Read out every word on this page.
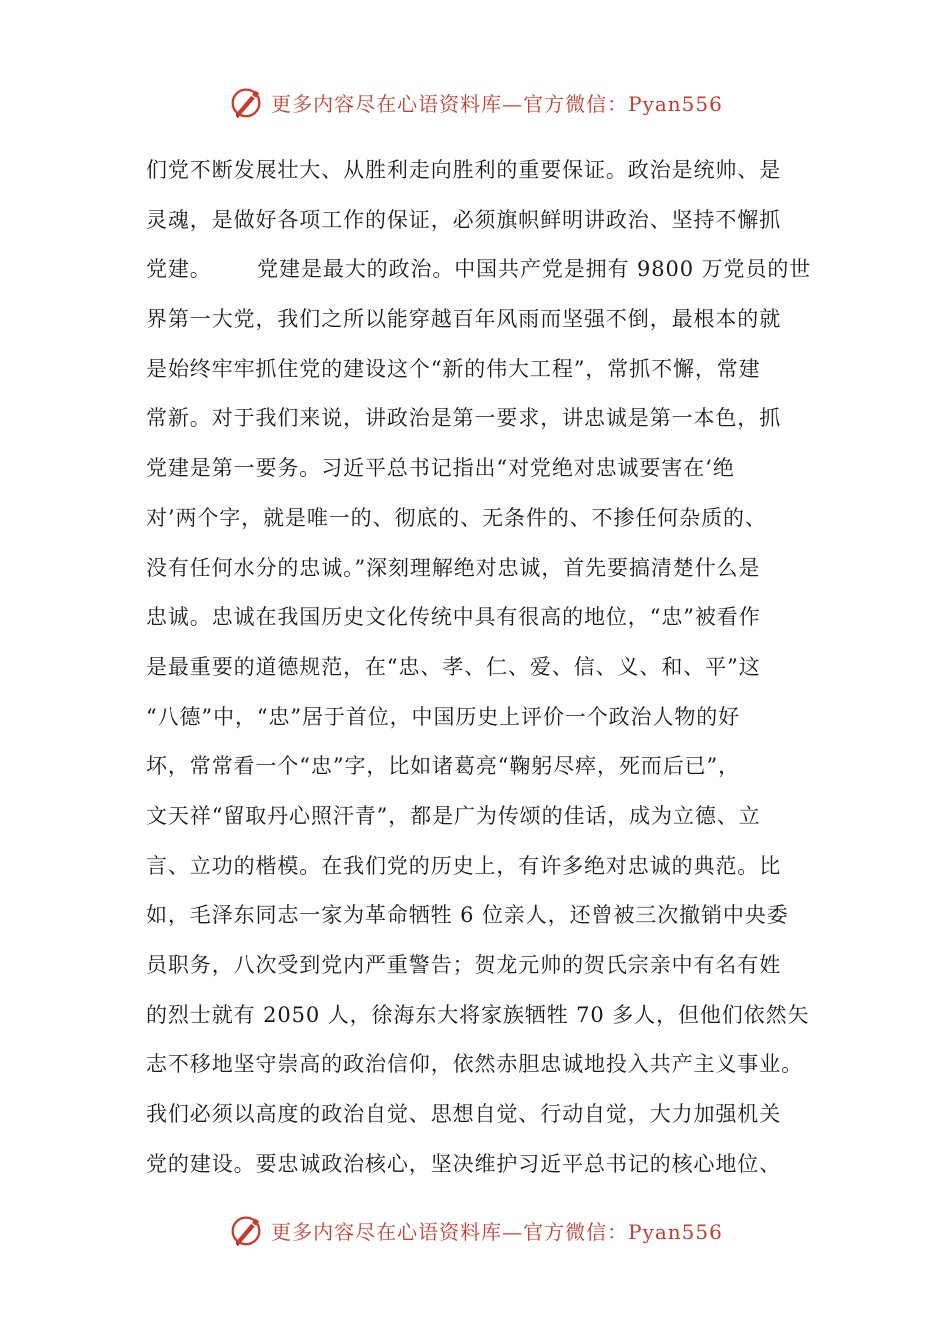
更多内容尽在心语资料库—官方微信：Pyan556
们党不断发展壮大、从胜利走向胜利的重要保证。政治是统帅、是
灵魂，是做好各项工作的保证，必须旗帜鲜明讲政治、坚持不懈抓
党建。      党建是最大的政治。中国共产党是拥有 9800 万党员的世
界第一大党，我们之所以能穿越百年风雨而坚强不倒，最根本的就
是始终牢牢抓住党的建设这个“新的伟大工程”，常抓不懈，常建
常新。对于我们来说，讲政治是第一要求，讲忠诚是第一本色，抓
党建是第一要务。习近平总书记指出“对党绝对忠诚要害在‘绝
对’两个字，就是唯一的、彻底的、无条件的、不掺任何杂质的、
没有任何水分的忠诚。”深刻理解绝对忠诚，首先要搞清楚什么是
忠诚。忠诚在我国历史文化传统中具有很高的地位，“忠”被看作
是最重要的道德规范，在“忠、孝、仁、爱、信、义、和、平”这
“八德”中，“忠”居于首位，中国历史上评价一个政治人物的好
坏，常常看一个“忠”字，比如诸葛亮“鞠躬尽瘁，死而后已”，
文天祥“留取丹心照汗青”，都是广为传颂的佳话，成为立德、立
言、立功的楷模。在我们党的历史上，有许多绝对忠诚的典范。比
如，毛泽东同志一家为革命牺牲 6 位亲人，还曾被三次撤销中央委
员职务，八次受到党内严重警告；贺龙元帅的贺氏宗亲中有名有姓
的烈士就有 2050 人，徐海东大将家族牺牲 70 多人，但他们依然矢
志不移地坚守崇高的政治信仰，依然赤胆忠诚地投入共产主义事业。
我们必须以高度的政治自觉、思想自觉、行动自觉，大力加强机关
党的建设。要忠诚政治核心，坚决维护习近平总书记的核心地位、
更多内容尽在心语资料库—官方微信：Pyan556
